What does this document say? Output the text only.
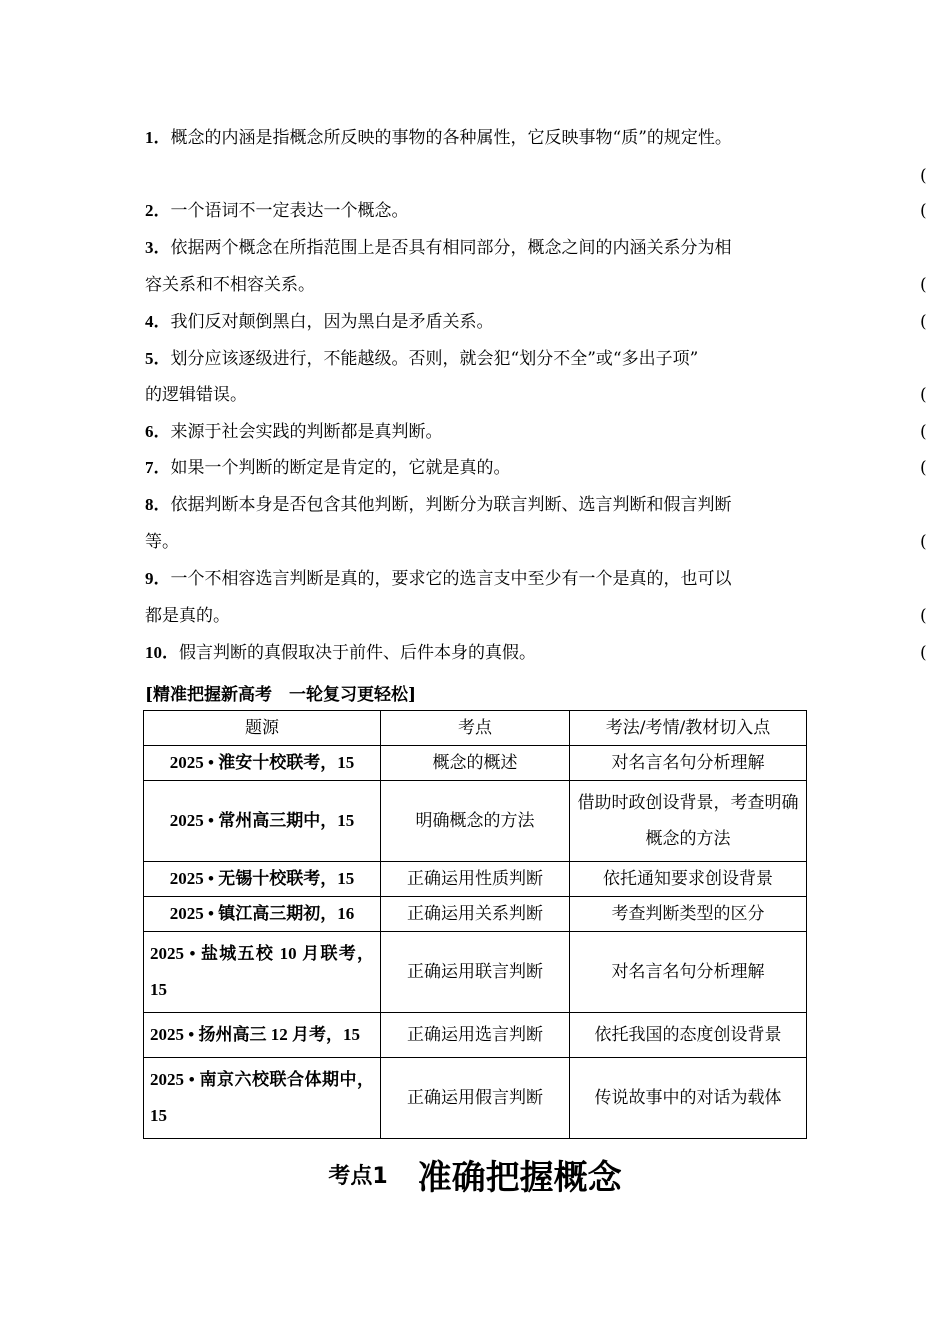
1．概念的内涵是指概念所反映的事物的各种属性，它反映事物“质”的规定性。
(
2．一个语词不一定表达一个概念。	(
3．依据两个概念在所指范围上是否具有相同部分，概念之间的内涵关系分为相
容关系和不相容关系。	(
4．我们反对颠倒黑白，因为黑白是矛盾关系。	(
5．划分应该逐级进行，不能越级。否则，就会犯“划分不全”或“多出子项”
的逻辑错误。	(
6．来源于社会实践的判断都是真判断。	(
7．如果一个判断的断定是肯定的，它就是真的。	(
8．依据判断本身是否包含其他判断，判断分为联言判断、选言判断和假言判断
等。	(
9．一个不相容选言判断是真的，要求它的选言支中至少有一个是真的，也可以
都是真的。	(
10．假言判断的真假取决于前件、后件本身的真假。	(
[精准把握新高考　一轮复习更轻松]
题源	考点	考法/考情/教材切入点
2025 • 淮安十校联考，15	概念的概述	对名言名句分析理解
2025 • 常州高三期中，15	明确概念的方法	借助时政创设背景，考查明确概念的方法
2025 • 无锡十校联考，15	正确运用性质判断	依托通知要求创设背景
2025 • 镇江高三期初，16	正确运用关系判断	考查判断类型的区分
2025 • 盐城五校 10 月联考，15	正确运用联言判断	对名言名句分析理解
2025 • 扬州高三 12 月考，15	正确运用选言判断	依托我国的态度创设背景
2025 • 南京六校联合体期中，15	正确运用假言判断	传说故事中的对话为载体
考点1 准确把握概念
